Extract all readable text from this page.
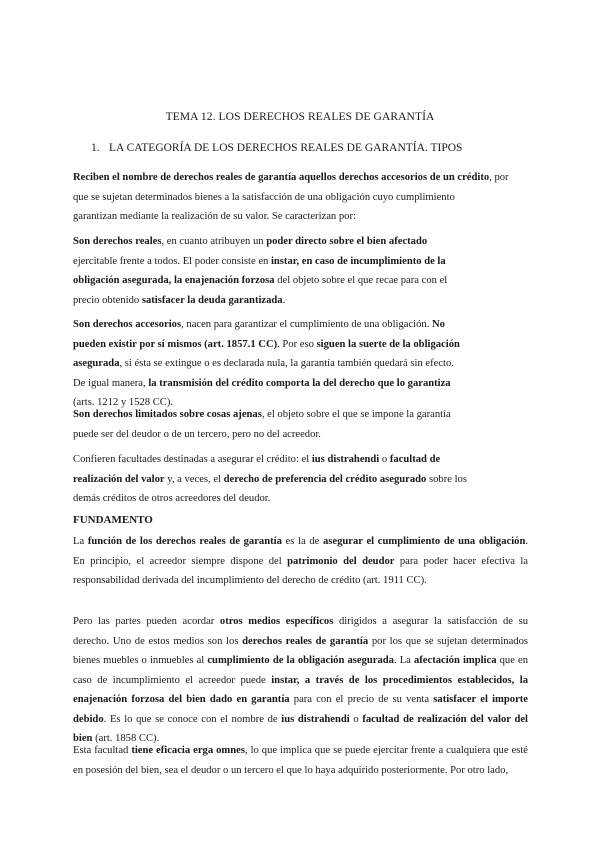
TEMA 12. LOS DERECHOS REALES DE GARANTÍA
1. LA CATEGORÍA DE LOS DERECHOS REALES DE GARANTÍA. TIPOS
Reciben el nombre de derechos reales de garantía aquellos derechos accesorios de un crédito, por
que se sujetan determinados bienes a la satisfacción de una obligación cuyo cumplimiento
garantizan mediante la realización de su valor. Se caracterizan por:
Son derechos reales, en cuanto atribuyen un poder directo sobre el bien afectado
ejercitable frente a todos. El poder consiste en instar, en caso de incumplimiento de la
obligación asegurada, la enajenación forzosa del objeto sobre el que recae para con el
precio obtenido satisfacer la deuda garantizada.
Son derechos accesorios, nacen para garantizar el cumplimiento de una obligación. No
pueden existir por sí mismos (art. 1857.1 CC). Por eso siguen la suerte de la obligación
asegurada, si ésta se extingue o es declarada nula, la garantía también quedará sin efecto.
De igual manera, la transmisión del crédito comporta la del derecho que lo garantiza
(arts. 1212 y 1528 CC).
Son derechos limitados sobre cosas ajenas, el objeto sobre el que se impone la garantía
puede ser del deudor o de un tercero, pero no del acreedor.
Confieren facultades destinadas a asegurar el crédito: el ius distrahendi o facultad de
realización del valor y, a veces, el derecho de preferencia del crédito asegurado sobre los
demás créditos de otros acreedores del deudor.
FUNDAMENTO
La función de los derechos reales de garantía es la de asegurar el cumplimiento de una obligación.
En principio, el acreedor siempre dispone del patrimonio del deudor para poder hacer efectiva la
responsabilidad derivada del incumplimiento del derecho de crédito (art. 1911 CC).
Pero las partes pueden acordar otros medios específicos dirigidos a asegurar la satisfacción de su
derecho. Uno de estos medios son los derechos reales de garantía por los que se sujetan determinados
bienes muebles o inmuebles al cumplimiento de la obligación asegurada. La afectación implica que en
caso de incumplimiento el acreedor puede instar, a través de los procedimientos establecidos, la
enajenación forzosa del bien dado en garantía para con el precio de su venta satisfacer el importe
debido. Es lo que se conoce con el nombre de ius distrahendi o facultad de realización del valor del
bien (art. 1858 CC).
Esta facultad tiene eficacia erga omnes, lo que implica que se puede ejercitar frente a cualquiera que esté
en posesión del bien, sea el deudor o un tercero el que lo haya adquirido posteriormente. Por otro lado,
